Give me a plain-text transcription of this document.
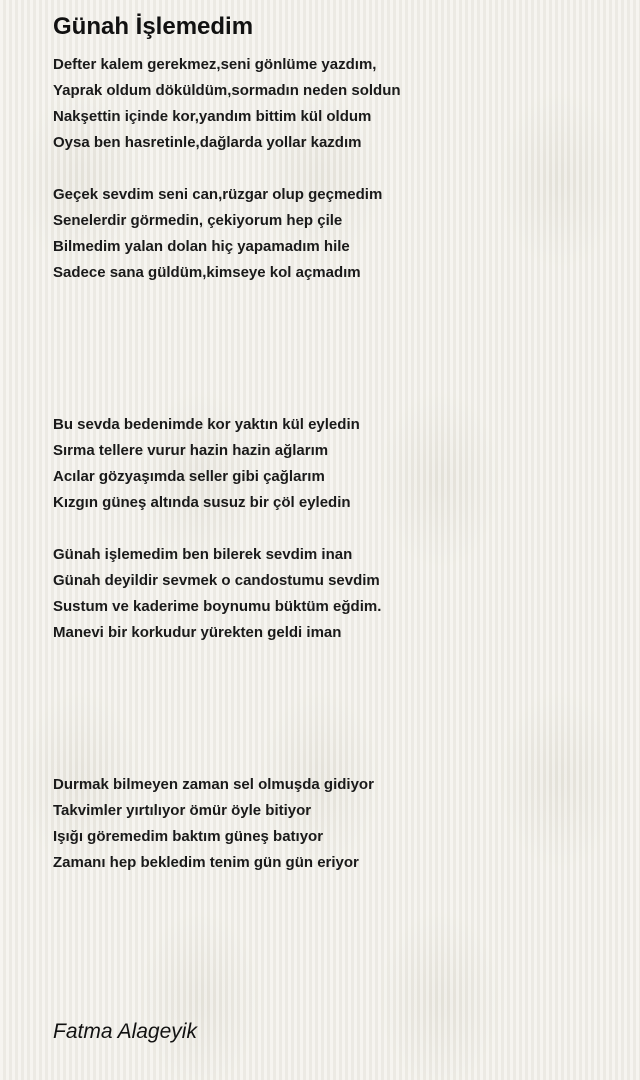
Günah İşlemedim
Defter kalem gerekmez,seni gönlüme yazdım,
Yaprak oldum döküldüm,sormadın neden soldun
Nakşettin içinde kor,yandım bittim kül oldum
Oysa ben hasretinle,dağlarda yollar kazdım
Geçek sevdim seni can,rüzgar olup geçmedim
Senelerdir görmedin, çekiyorum hep çile
Bilmedim yalan dolan hiç yapamadım hile
Sadece sana güldüm,kimseye kol açmadım
Bu sevda bedenimde kor yaktın kül eyledin
Sırma tellere vurur hazin hazin ağlarım
Acılar gözyaşımda seller gibi çağlarım
Kızgın güneş altında susuz bir çöl eyledin
Günah işlemedim ben bilerek sevdim inan
Günah deyildir sevmek o candostumu sevdim
Sustum ve kaderime boynumu büktüm eğdim.
Manevi bir korkudur yürekten geldi iman
Durmak bilmeyen zaman sel olmuşda gidiyor
Takvimler yırtılıyor ömür öyle bitiyor
Işığı göremedim baktım güneş batıyor
Zamanı hep bekledim tenim gün gün eriyor

Fatma Alageyik
